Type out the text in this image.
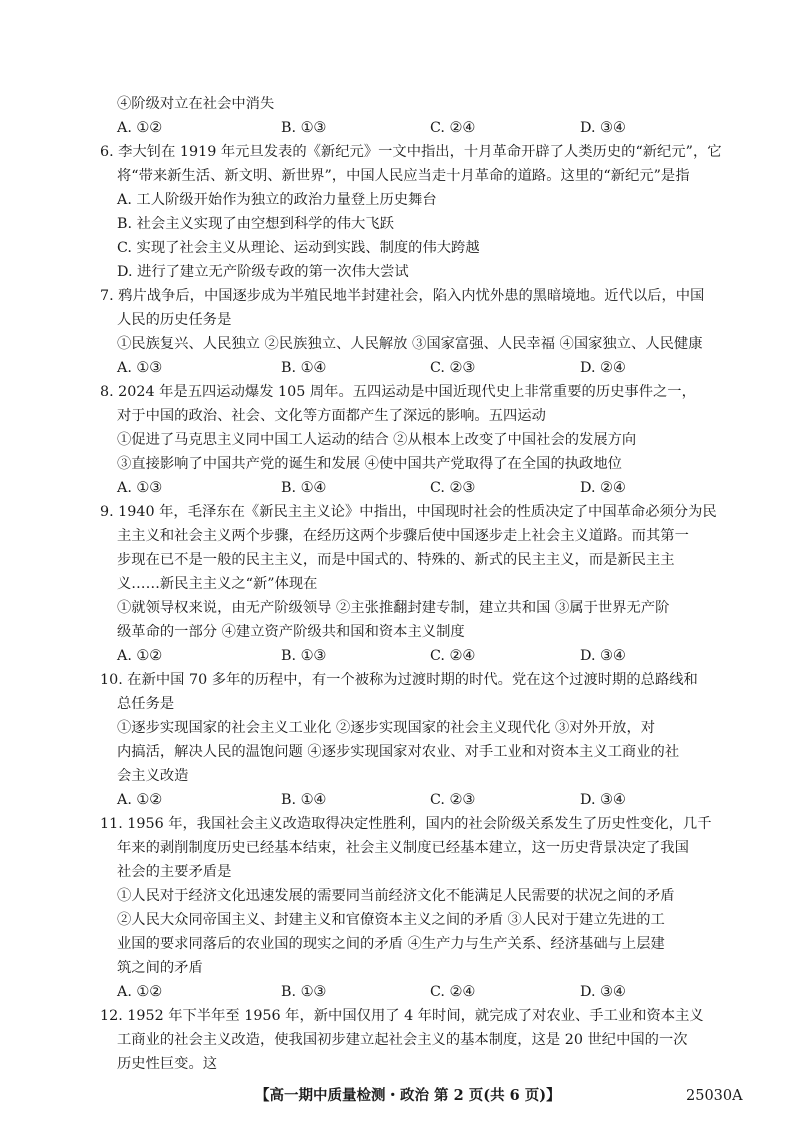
④阶级对立在社会中消失
A. ①②	B. ①③	C. ②④	D. ③④
6. 李大钊在 1919 年元旦发表的《新纪元》一文中指出，十月革命开辟了人类历史的“新纪元”，它
将“带来新生活、新文明、新世界”，中国人民应当走十月革命的道路。这里的“新纪元”是指
A. 工人阶级开始作为独立的政治力量登上历史舞台
B. 社会主义实现了由空想到科学的伟大飞跃
C. 实现了社会主义从理论、运动到实践、制度的伟大跨越
D. 进行了建立无产阶级专政的第一次伟大尝试
7. 鸦片战争后，中国逐步成为半殖民地半封建社会，陷入内忧外患的黑暗境地。近代以后，中国
人民的历史任务是
①民族复兴、人民独立 ②民族独立、人民解放 ③国家富强、人民幸福 ④国家独立、人民健康
A. ①③	B. ①④	C. ②③	D. ②④
8. 2024 年是五四运动爆发 105 周年。五四运动是中国近现代史上非常重要的历史事件之一，
对于中国的政治、社会、文化等方面都产生了深远的影响。五四运动
①促进了马克思主义同中国工人运动的结合 ②从根本上改变了中国社会的发展方向
③直接影响了中国共产党的诞生和发展 ④使中国共产党取得了在全国的执政地位
A. ①③	B. ①④	C. ②③	D. ②④
9. 1940 年，毛泽东在《新民主主义论》中指出，中国现时社会的性质决定了中国革命必须分为民
主主义和社会主义两个步骤，在经历这两个步骤后使中国逐步走上社会主义道路。而其第一
步现在已不是一般的民主主义，而是中国式的、特殊的、新式的民主主义，而是新民主主
义……新民主主义之“新”体现在
①就领导权来说，由无产阶级领导 ②主张推翻封建专制，建立共和国 ③属于世界无产阶
级革命的一部分 ④建立资产阶级共和国和资本主义制度
A. ①②	B. ①③	C. ②④	D. ③④
10. 在新中国 70 多年的历程中，有一个被称为过渡时期的时代。党在这个过渡时期的总路线和
总任务是
①逐步实现国家的社会主义工业化 ②逐步实现国家的社会主义现代化 ③对外开放，对
内搞活，解决人民的温饱问题 ④逐步实现国家对农业、对手工业和对资本主义工商业的社
会主义改造
A. ①②	B. ①④	C. ②③	D. ③④
11. 1956 年，我国社会主义改造取得决定性胜利，国内的社会阶级关系发生了历史性变化，几千
年来的剥削制度历史已经基本结束，社会主义制度已经基本建立，这一历史背景决定了我国
社会的主要矛盾是
①人民对于经济文化迅速发展的需要同当前经济文化不能满足人民需要的状况之间的矛盾
②人民大众同帝国主义、封建主义和官僚资本主义之间的矛盾 ③人民对于建立先进的工
业国的要求同落后的农业国的现实之间的矛盾 ④生产力与生产关系、经济基础与上层建
筑之间的矛盾
A. ①②	B. ①③	C. ②④	D. ③④
12. 1952 年下半年至 1956 年，新中国仅用了 4 年时间，就完成了对农业、手工业和资本主义
工商业的社会主义改造，使我国初步建立起社会主义的基本制度，这是 20 世纪中国的一次
历史性巨变。这
【高一期中质量检测・政治 第 2 页(共 6 页)】	25030A
